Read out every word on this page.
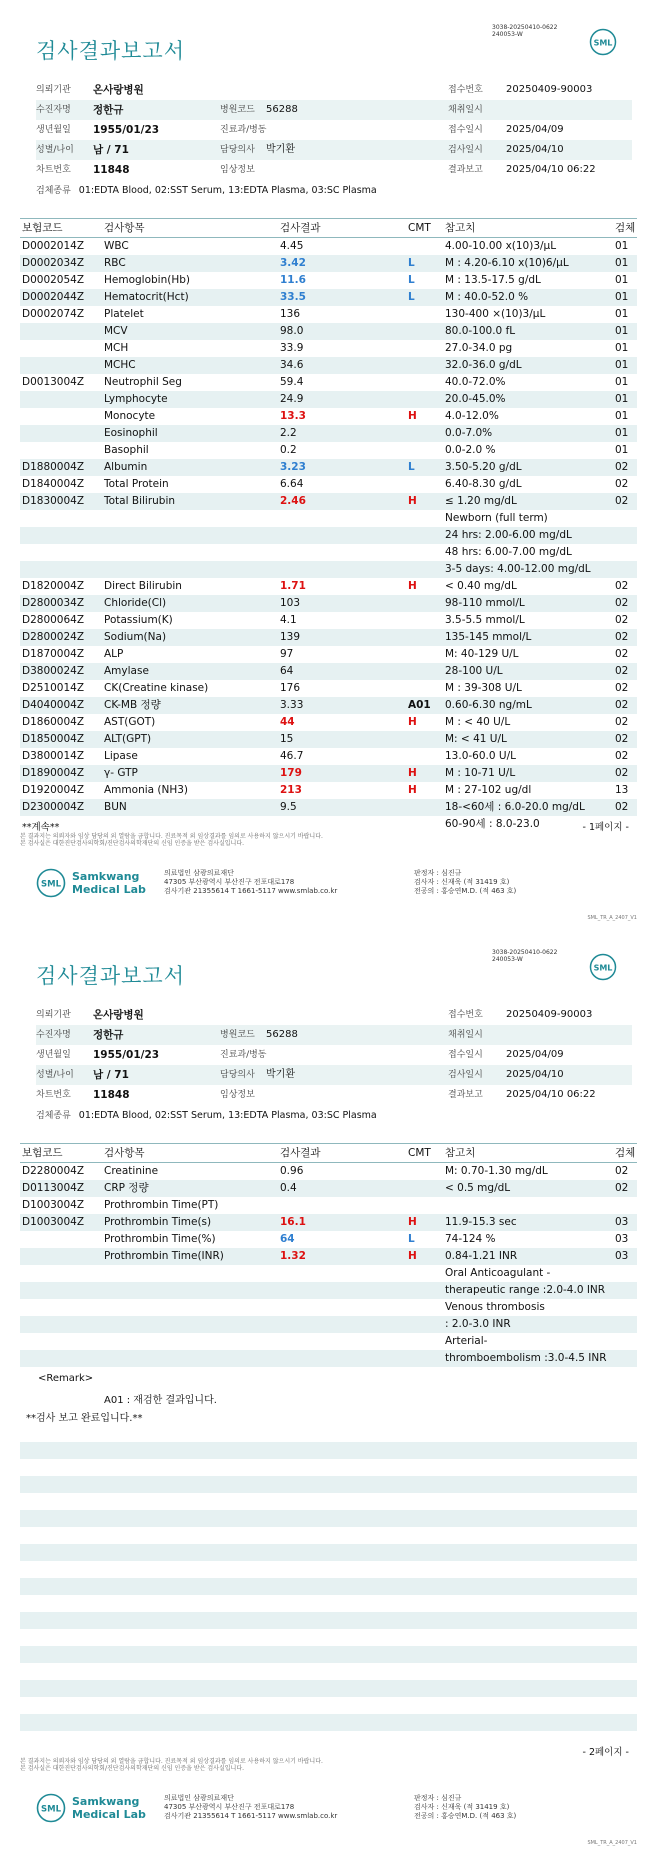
3038-20250410-0622
240053-W
검사결과보고서	SML
의뢰기관 온사랑병원	접수번호 20250409-90003
수진자명 정한규	병원코드 56288	채취일시
생년월일 1955/01/23	진료과/병동	접수일시 2025/04/09
성별/나이 남 / 71	담당의사 박기환	검사일시 2025/04/10
차트번호 11848	임상정보	결과보고 2025/04/10 06:22
검체종류 01:EDTA Blood, 02:SST Serum, 13:EDTA Plasma, 03:SC Plasma
보험코드	검사항목	검사결과	CMT 참고치	검체
D0002014Z WBC	4.45	4.00-10.00 x(10)3/μL	01
D0002034Z RBC	3.42	L	M : 4.20-6.10 x(10)6/μL	01
D0002054Z Hemoglobin(Hb)	11.6	L	M : 13.5-17.5 g/dL	01
D0002044Z Hematocrit(Hct)	33.5	L	M : 40.0-52.0 %	01
D0002074Z Platelet	136	130-400 ×(10)3/μL	01
MCV	98.0	80.0-100.0 fL	01
MCH	33.9	27.0-34.0 pg	01
MCHC	34.6	32.0-36.0 g/dL	01
D0013004Z Neutrophil Seg	59.4	40.0-72.0%	01
Lymphocyte	24.9	20.0-45.0%	01
Monocyte	13.3	H	4.0-12.0%	01
Eosinophil	2.2	0.0-7.0%	01
Basophil	0.2	0.0-2.0 %	01
D1880004Z Albumin	3.23	L	3.50-5.20 g/dL	02
D1840004Z Total Protein	6.64	6.40-8.30 g/dL	02
D1830004Z Total Bilirubin	2.46	H	≤ 1.20 mg/dL	02
Newborn (full term)
24 hrs: 2.00-6.00 mg/dL
48 hrs: 6.00-7.00 mg/dL
3-5 days: 4.00-12.00 mg/dL
D1820004Z Direct Bilirubin	1.71	H	< 0.40 mg/dL	02
D2800034Z Chloride(Cl)	103	98-110 mmol/L	02
D2800064Z Potassium(K)	4.1	3.5-5.5 mmol/L	02
D2800024Z Sodium(Na)	139	135-145 mmol/L	02
D1870004Z ALP	97	M: 40-129 U/L	02
D3800024Z Amylase	64	28-100 U/L	02
D2510014Z CK(Creatine kinase)	176	M : 39-308 U/L	02
D4040004Z CK-MB 정량	3.33	A01 0.60-6.30 ng/mL	02
D1860004Z AST(GOT)	44	H	M : < 40 U/L	02
D1850004Z ALT(GPT)	15	M: < 41 U/L	02
D3800014Z Lipase	46.7	13.0-60.0 U/L	02
D1890004Z γ- GTP	179	H	M : 10-71 U/L	02
D1920004Z Ammonia (NH3)	213	H	M : 27-102 ug/dl	13
D2300004Z BUN	9.5	18-<60세 : 6.0-20.0 mg/dL	02
60-90세 : 8.0-23.0
**계속**	- 1페이지 -
본 결과지는 의뢰자와 임상 담당의 외 열람을 금합니다. 진료목적 외 임상결과를 임의로 사용하지 않으시기 바랍니다.
본 검사실은 대한진단검사의학회/진단검사의학재단의 신임 인증을 받은 검사실입니다.
SML
Samkwang
Medical Lab
의료법인 삼광의료재단
47305 부산광역시 부산진구 전포대로178
검사기관 21355614 T 1661-5117 www.smlab.co.kr
판정자 : 심진규
검사자 : 신재욱 (적 31419 호)
전공의 : 홍승연M.D. (적 463 호)
SML_TR_A_2407_V1
3038-20250410-0622
240053-W
검사결과보고서	SML
의뢰기관 온사랑병원	접수번호 20250409-90003
수진자명 정한규	병원코드 56288	채취일시
생년월일 1955/01/23	진료과/병동	접수일시 2025/04/09
성별/나이 남 / 71	담당의사 박기환	검사일시 2025/04/10
차트번호 11848	임상정보	결과보고 2025/04/10 06:22
검체종류 01:EDTA Blood, 02:SST Serum, 13:EDTA Plasma, 03:SC Plasma
보험코드	검사항목	검사결과	CMT 참고치	검체
D2280004Z Creatinine	0.96	M: 0.70-1.30 mg/dL	02
D0113004Z CRP 정량	0.4	< 0.5 mg/dL	02
D1003004Z Prothrombin Time(PT)
D1003004Z Prothrombin Time(s)	16.1	H	11.9-15.3 sec	03
Prothrombin Time(%)	64	L	74-124 %	03
Prothrombin Time(INR)	1.32	H	0.84-1.21 INR	03
Oral Anticoagulant -
therapeutic range :2.0-4.0 INR
Venous thrombosis
: 2.0-3.0 INR
Arterial-
thromboembolism :3.0-4.5 INR
<Remark>
A01 : 재검한 결과입니다.
**검사 보고 완료입니다.**
- 2페이지 -
본 결과지는 의뢰자와 임상 담당의 외 열람을 금합니다. 진료목적 외 임상결과를 임의로 사용하지 않으시기 바랍니다.
본 검사실은 대한진단검사의학회/진단검사의학재단의 신임 인증을 받은 검사실입니다.
SML
Samkwang
Medical Lab
의료법인 삼광의료재단
47305 부산광역시 부산진구 전포대로178
검사기관 21355614 T 1661-5117 www.smlab.co.kr
판정자 : 심진규
검사자 : 신재욱 (적 31419 호)
전공의 : 홍승연M.D. (적 463 호)
SML_TR_A_2407_V1
